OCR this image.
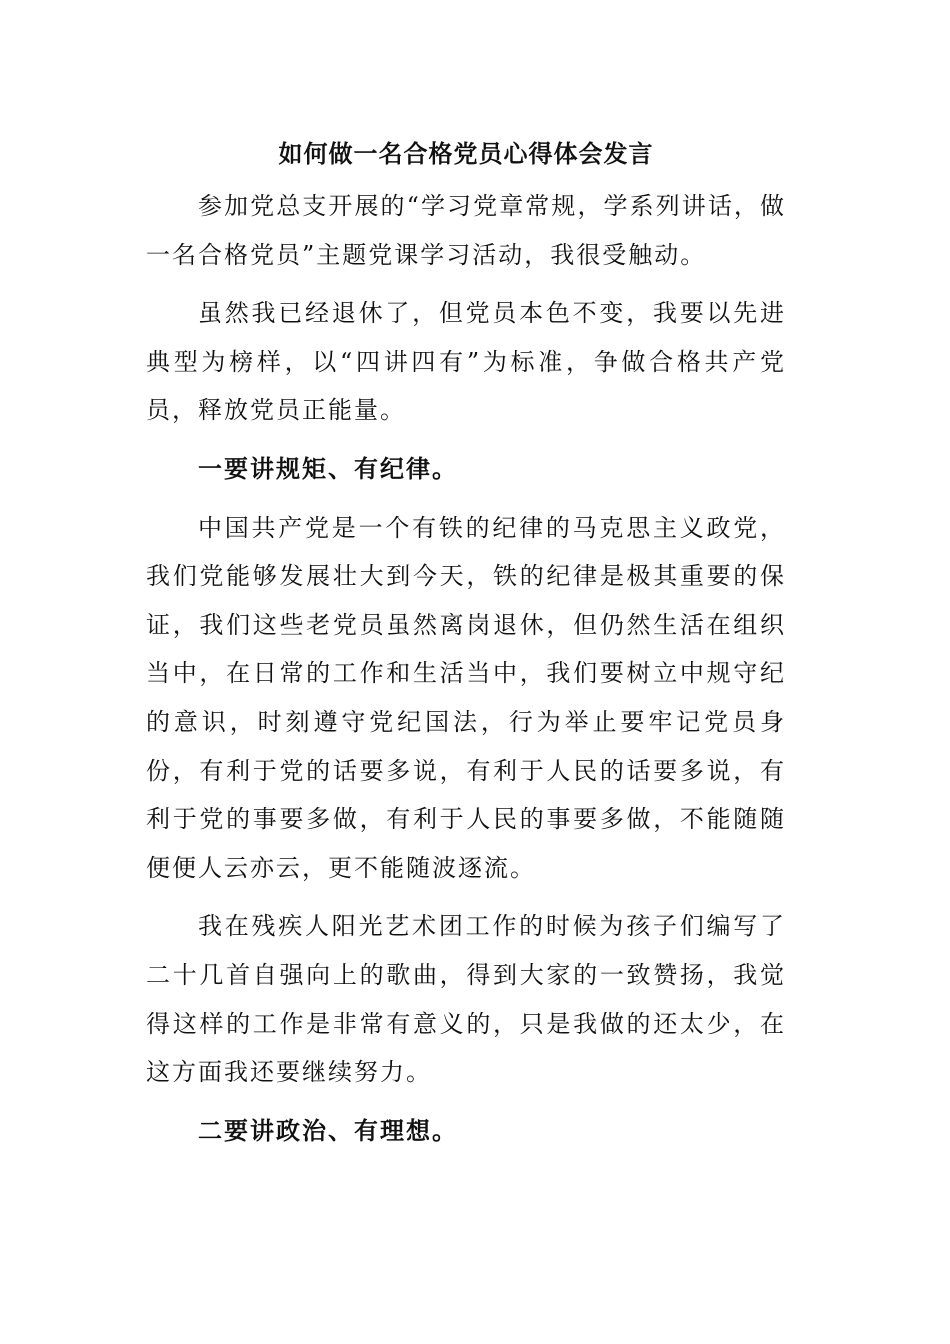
如何做一名合格党员心得体会发言

参加党总支开展的“学习党章常规，学系列讲话，做一名合格党员”主题党课学习活动，我很受触动。

虽然我已经退休了，但党员本色不变，我要以先进典型为榜样，以“四讲四有”为标准，争做合格共产党员，释放党员正能量。

一要讲规矩、有纪律。

中国共产党是一个有铁的纪律的马克思主义政党，我们党能够发展壮大到今天，铁的纪律是极其重要的保证，我们这些老党员虽然离岗退休，但仍然生活在组织当中，在日常的工作和生活当中，我们要树立中规守纪的意识，时刻遵守党纪国法，行为举止要牢记党员身份，有利于党的话要多说，有利于人民的话要多说，有利于党的事要多做，有利于人民的事要多做，不能随随便便人云亦云，更不能随波逐流。

我在残疾人阳光艺术团工作的时候为孩子们编写了二十几首自强向上的歌曲，得到大家的一致赞扬，我觉得这样的工作是非常有意义的，只是我做的还太少，在这方面我还要继续努力。

二要讲政治、有理想。
